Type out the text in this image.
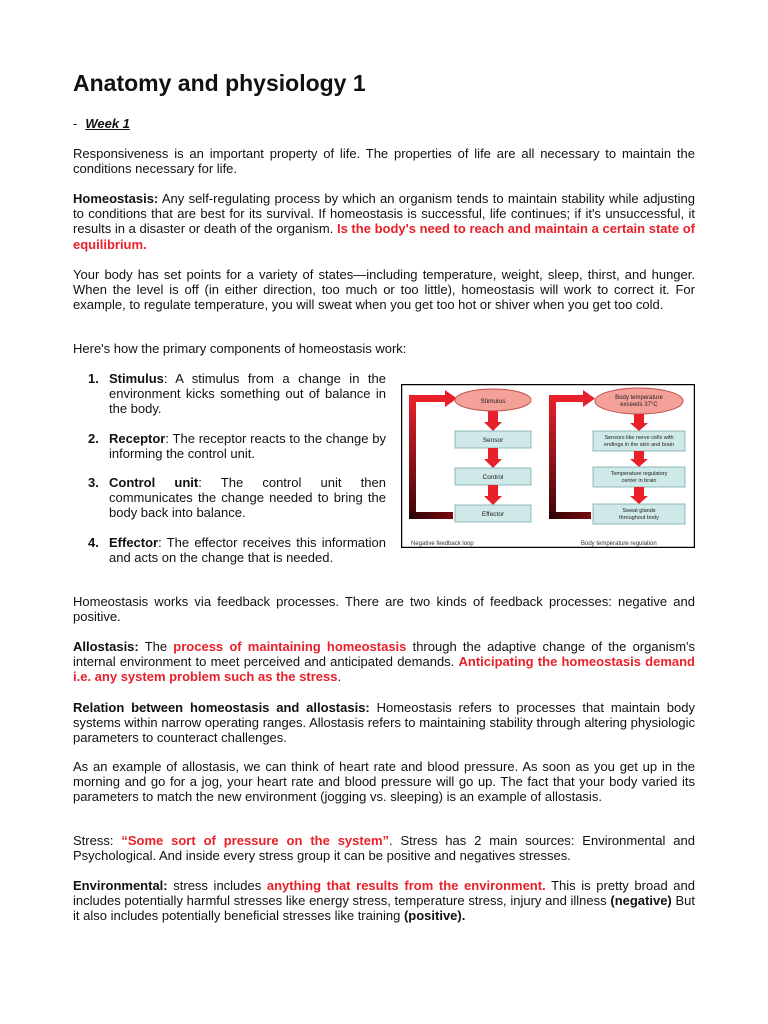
Anatomy and physiology 1
- Week 1

Responsiveness is an important property of life. The properties of life are all necessary to maintain the conditions necessary for life.

Homeostasis: Any self-regulating process by which an organism tends to maintain stability while adjusting to conditions that are best for its survival. If homeostasis is successful, life continues; if it's unsuccessful, it results in a disaster or death of the organism. Is the body's need to reach and maintain a certain state of equilibrium.

Your body has set points for a variety of states—including temperature, weight, sleep, thirst, and hunger. When the level is off (in either direction, too much or too little), homeostasis will work to correct it. For example, to regulate temperature, you will sweat when you get too hot or shiver when you get too cold.

Here's how the primary components of homeostasis work:

1. Stimulus: A stimulus from a change in the environment kicks something out of balance in the body.
2. Receptor: The receptor reacts to the change by informing the control unit.
3. Control unit: The control unit then communicates the change needed to bring the body back into balance.
4. Effector: The effector receives this information and acts on the change that is needed.
Stimulus
Sensor
Control
Effector
Negative feedback loop
Body temperature
exceeds 37°C
Sensors like nerve cells with
endings in the skin and brain
Temperature regulatory
center in brain
Sweat glands
throughout body
Body temperature regulation

Homeostasis works via feedback processes. There are two kinds of feedback processes: negative and positive.

Allostasis: The process of maintaining homeostasis through the adaptive change of the organism's internal environment to meet perceived and anticipated demands. Anticipating the homeostasis demand i.e. any system problem such as the stress.

Relation between homeostasis and allostasis: Homeostasis refers to processes that maintain body systems within narrow operating ranges. Allostasis refers to maintaining stability through altering physiologic parameters to counteract challenges.

As an example of allostasis, we can think of heart rate and blood pressure. As soon as you get up in the morning and go for a jog, your heart rate and blood pressure will go up. The fact that your body varied its parameters to match the new environment (jogging vs. sleeping) is an example of allostasis.

Stress: “Some sort of pressure on the system”. Stress has 2 main sources: Environmental and Psychological. And inside every stress group it can be positive and negatives stresses.

Environmental: stress includes anything that results from the environment. This is pretty broad and includes potentially harmful stresses like energy stress, temperature stress, injury and illness (negative) But it also includes potentially beneficial stresses like training (positive).
